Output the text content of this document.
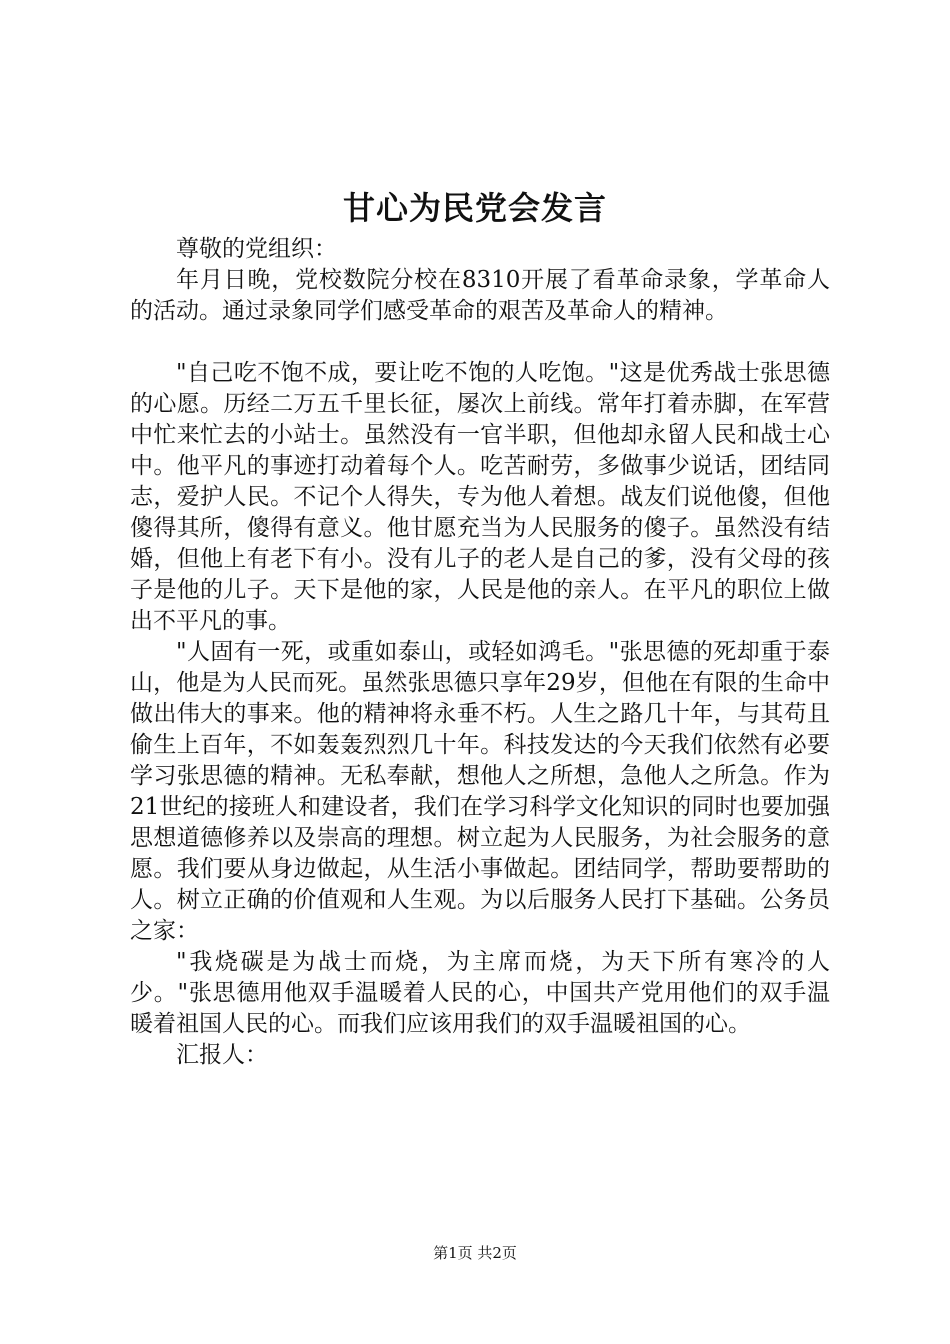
甘心为民党会发言

尊敬的党组织：

年月日晚，党校数院分校在8310开展了看革命录象，学革命人的活动。通过录象同学们感受革命的艰苦及革命人的精神。

"自己吃不饱不成，要让吃不饱的人吃饱。"这是优秀战士张思德的心愿。历经二万五千里长征，屡次上前线。常年打着赤脚，在军营中忙来忙去的小站士。虽然没有一官半职，但他却永留人民和战士心中。他平凡的事迹打动着每个人。吃苦耐劳，多做事少说话，团结同志，爱护人民。不记个人得失，专为他人着想。战友们说他傻，但他傻得其所，傻得有意义。他甘愿充当为人民服务的傻子。虽然没有结婚，但他上有老下有小。没有儿子的老人是自己的爹，没有父母的孩子是他的儿子。天下是他的家，人民是他的亲人。在平凡的职位上做出不平凡的事。

"人固有一死，或重如泰山，或轻如鸿毛。"张思德的死却重于泰山，他是为人民而死。虽然张思德只享年29岁，但他在有限的生命中做出伟大的事来。他的精神将永垂不朽。人生之路几十年，与其苟且偷生上百年，不如轰轰烈烈几十年。科技发达的今天我们依然有必要学习张思德的精神。无私奉献，想他人之所想，急他人之所急。作为21世纪的接班人和建设者，我们在学习科学文化知识的同时也要加强思想道德修养以及崇高的理想。树立起为人民服务，为社会服务的意愿。我们要从身边做起，从生活小事做起。团结同学，帮助要帮助的人。树立正确的价值观和人生观。为以后服务人民打下基础。公务员之家：

"我烧碳是为战士而烧，为主席而烧，为天下所有寒冷的人少。"张思德用他双手温暖着人民的心，中国共产党用他们的双手温暖着祖国人民的心。而我们应该用我们的双手温暖祖国的心。

汇报人：

第1页 共2页
